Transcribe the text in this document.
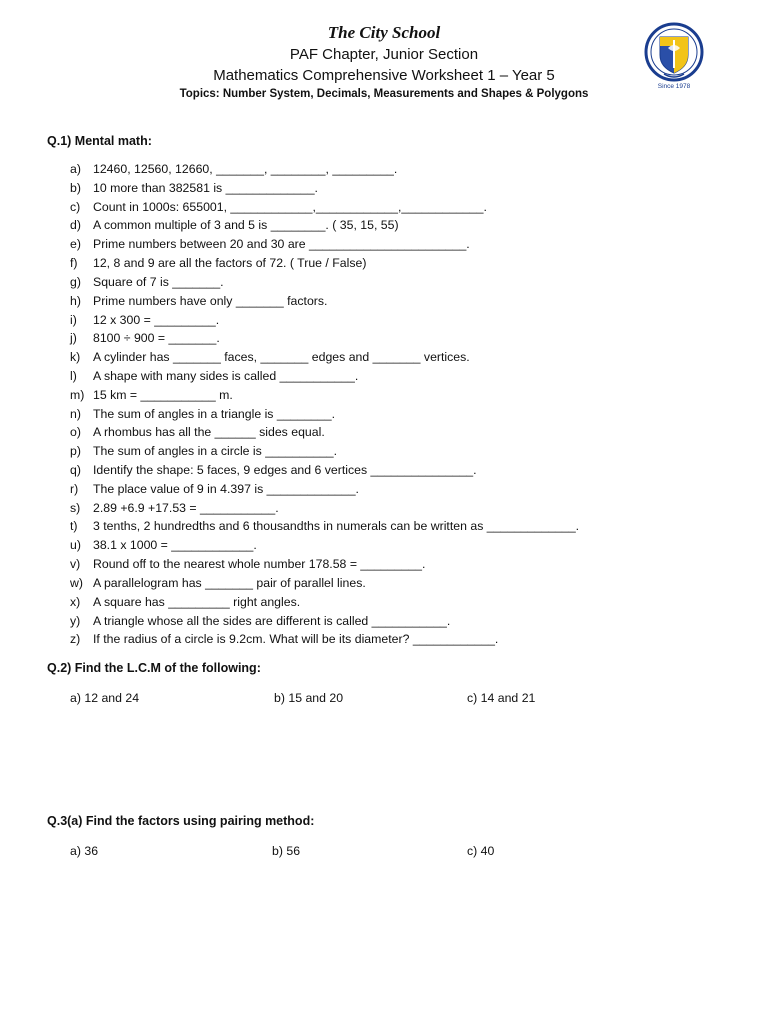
The City School
PAF Chapter, Junior Section
Mathematics Comprehensive Worksheet 1 – Year 5
Topics: Number System, Decimals, Measurements and Shapes & Polygons
Since 1978
Q.1) Mental math:
a) 12460, 12560, 12660, _______, ________, _________.
b) 10 more than 382581 is _____________.
c) Count in 1000s: 655001, ____________,____________,____________.
d) A common multiple of 3 and 5 is ________. ( 35, 15, 55)
e) Prime numbers between 20 and 30 are _______________________.
f) 12, 8 and 9 are all the factors of 72. ( True / False)
g) Square of 7 is _______.
h) Prime numbers have only _______ factors.
i) 12 x 300 = _________.
j) 8100 ÷ 900 = _______.
k) A cylinder has _______ faces, _______ edges and _______ vertices.
l) A shape with many sides is called ___________.
m) 15 km = ___________ m.
n) The sum of angles in a triangle is ________.
o) A rhombus has all the ______ sides equal.
p) The sum of angles in a circle is __________.
q) Identify the shape: 5 faces, 9 edges and 6 vertices _______________.
r) The place value of 9 in 4.397 is _____________.
s) 2.89 +6.9 +17.53 = ___________.
t) 3 tenths, 2 hundredths and 6 thousandths in numerals can be written as _____________.
u) 38.1 x 1000 = ____________.
v) Round off to the nearest whole number 178.58 = _________.
w) A parallelogram has _______ pair of parallel lines.
x) A square has _________ right angles.
y) A triangle whose all the sides are different is called ___________.
z) If the radius of a circle is 9.2cm. What will be its diameter? ____________.
Q.2) Find the L.C.M of the following:
a) 12 and 24	b) 15 and 20	c) 14 and 21
Q.3(a) Find the factors using pairing method:
a) 36	b) 56	c) 40
